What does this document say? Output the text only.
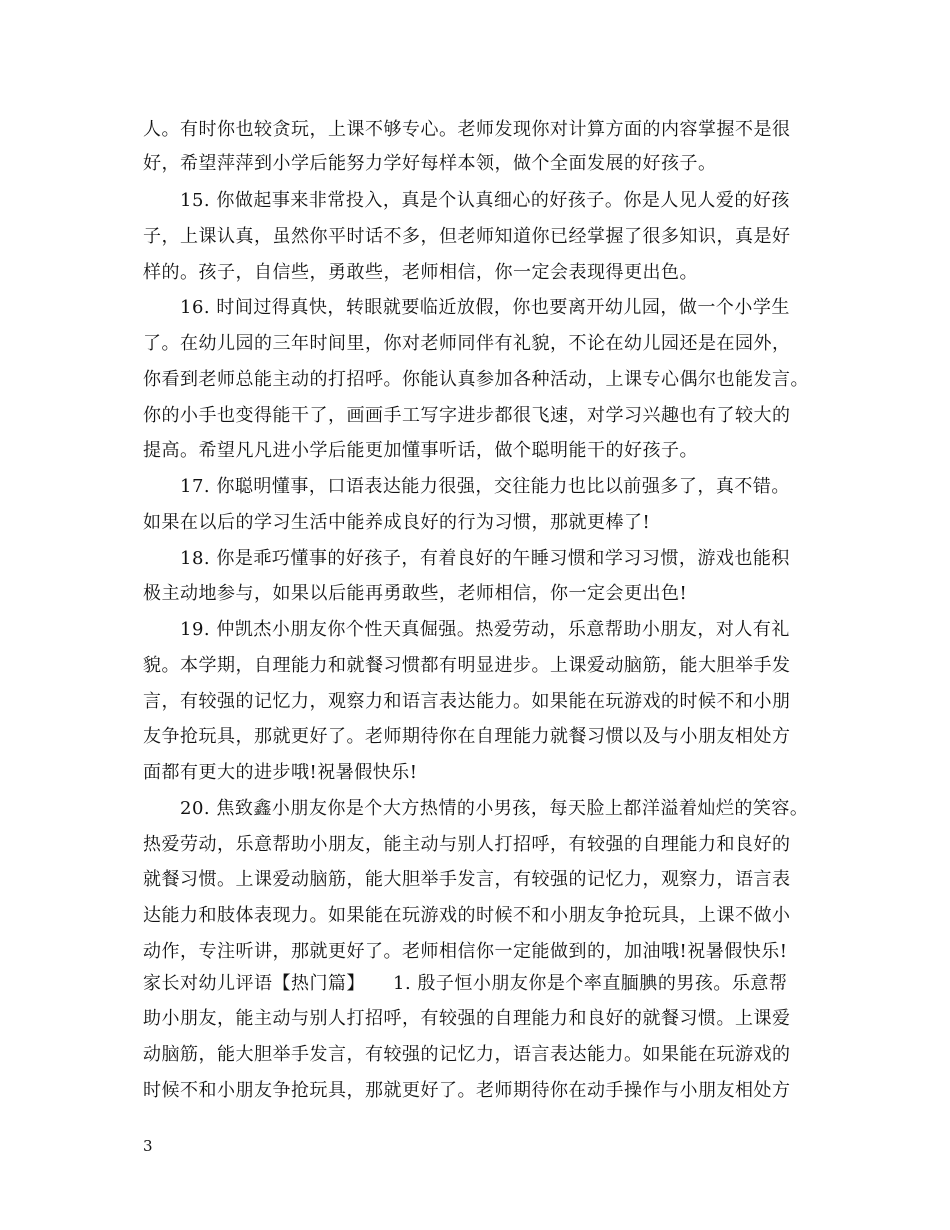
人。有时你也较贪玩，上课不够专心。老师发现你对计算方面的内容掌握不是很
好，希望萍萍到小学后能努力学好每样本领，做个全面发展的好孩子。
15. 你做起事来非常投入，真是个认真细心的好孩子。你是人见人爱的好孩
子，上课认真，虽然你平时话不多，但老师知道你已经掌握了很多知识，真是好
样的。孩子，自信些，勇敢些，老师相信，你一定会表现得更出色。
16. 时间过得真快，转眼就要临近放假，你也要离开幼儿园，做一个小学生
了。在幼儿园的三年时间里，你对老师同伴有礼貌，不论在幼儿园还是在园外，
你看到老师总能主动的打招呼。你能认真参加各种活动，上课专心偶尔也能发言。
你的小手也变得能干了，画画手工写字进步都很飞速，对学习兴趣也有了较大的
提高。希望凡凡进小学后能更加懂事听话，做个聪明能干的好孩子。
17. 你聪明懂事，口语表达能力很强，交往能力也比以前强多了，真不错。
如果在以后的学习生活中能养成良好的行为习惯，那就更棒了!
18. 你是乖巧懂事的好孩子，有着良好的午睡习惯和学习习惯，游戏也能积
极主动地参与，如果以后能再勇敢些，老师相信，你一定会更出色!
19. 仲凯杰小朋友你个性天真倔强。热爱劳动，乐意帮助小朋友，对人有礼
貌。本学期，自理能力和就餐习惯都有明显进步。上课爱动脑筋，能大胆举手发
言，有较强的记忆力，观察力和语言表达能力。如果能在玩游戏的时候不和小朋
友争抢玩具，那就更好了。老师期待你在自理能力就餐习惯以及与小朋友相处方
面都有更大的进步哦!祝暑假快乐!
20. 焦致鑫小朋友你是个大方热情的小男孩，每天脸上都洋溢着灿烂的笑容。
热爱劳动，乐意帮助小朋友，能主动与别人打招呼，有较强的自理能力和良好的
就餐习惯。上课爱动脑筋，能大胆举手发言，有较强的记忆力，观察力，语言表
达能力和肢体表现力。如果能在玩游戏的时候不和小朋友争抢玩具，上课不做小
动作，专注听讲，那就更好了。老师相信你一定能做到的，加油哦!祝暑假快乐!
家长对幼儿评语【热门篇】　　1. 殷子恒小朋友你是个率直腼腆的男孩。乐意帮
助小朋友，能主动与别人打招呼，有较强的自理能力和良好的就餐习惯。上课爱
动脑筋，能大胆举手发言，有较强的记忆力，语言表达能力。如果能在玩游戏的
时候不和小朋友争抢玩具，那就更好了。老师期待你在动手操作与小朋友相处方
3
